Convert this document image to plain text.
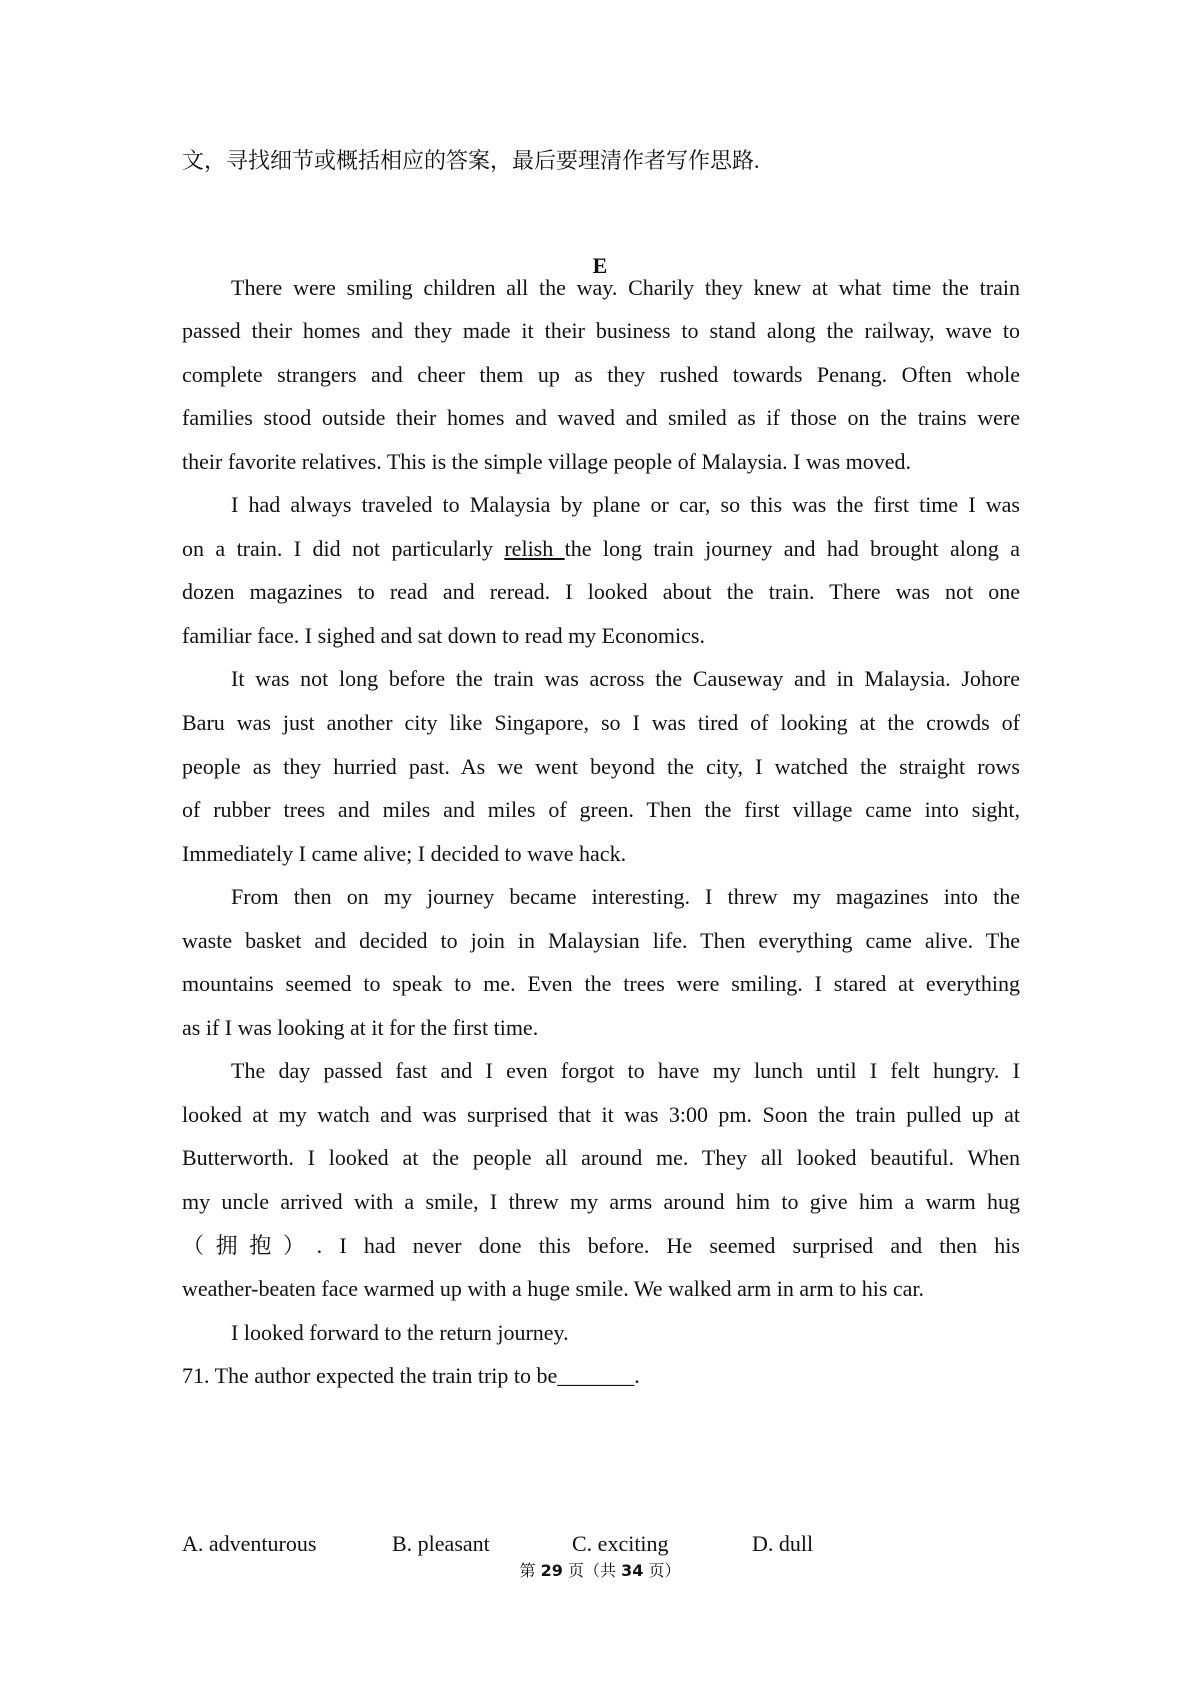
文，寻找细节或概括相应的答案，最后要理清作者写作思路.
E
There were smiling children all the way. Charily they knew at what time the train
passed their homes and they made it their business to stand along the railway, wave to
complete strangers and cheer them up as they rushed towards Penang. Often whole
families stood outside their homes and waved and smiled as if those on the trains were
their favorite relatives. This is the simple village people of Malaysia. I was moved.
I had always traveled to Malaysia by plane or car, so this was the first time I was
on a train. I did not particularly relish the long train journey and had brought along a
dozen magazines to read and reread. I looked about the train. There was not one
familiar face. I sighed and sat down to read my Economics.
It was not long before the train was across the Causeway and in Malaysia. Johore
Baru was just another city like Singapore, so I was tired of looking at the crowds of
people as they hurried past. As we went beyond the city, I watched the straight rows
of rubber trees and miles and miles of green. Then the first village came into sight,
Immediately I came alive; I decided to wave hack.
From then on my journey became interesting. I threw my magazines into the
waste basket and decided to join in Malaysian life. Then everything came alive. The
mountains seemed to speak to me. Even the trees were smiling. I stared at everything
as if I was looking at it for the first time.
The day passed fast and I even forgot to have my lunch until I felt hungry. I
looked at my watch and was surprised that it was 3:00 pm. Soon the train pulled up at
Butterworth. I looked at the people all around me. They all looked beautiful. When
my uncle arrived with a smile, I threw my arms around him to give him a warm hug
（拥抱）. I had never done this before. He seemed surprised and then his
weather-beaten face warmed up with a huge smile. We walked arm in arm to his car.
I looked forward to the return journey.
71. The author expected the train trip to be_______.
A. adventurous	B. pleasant	C. exciting	D. dull
第 29 页（共 34 页）
